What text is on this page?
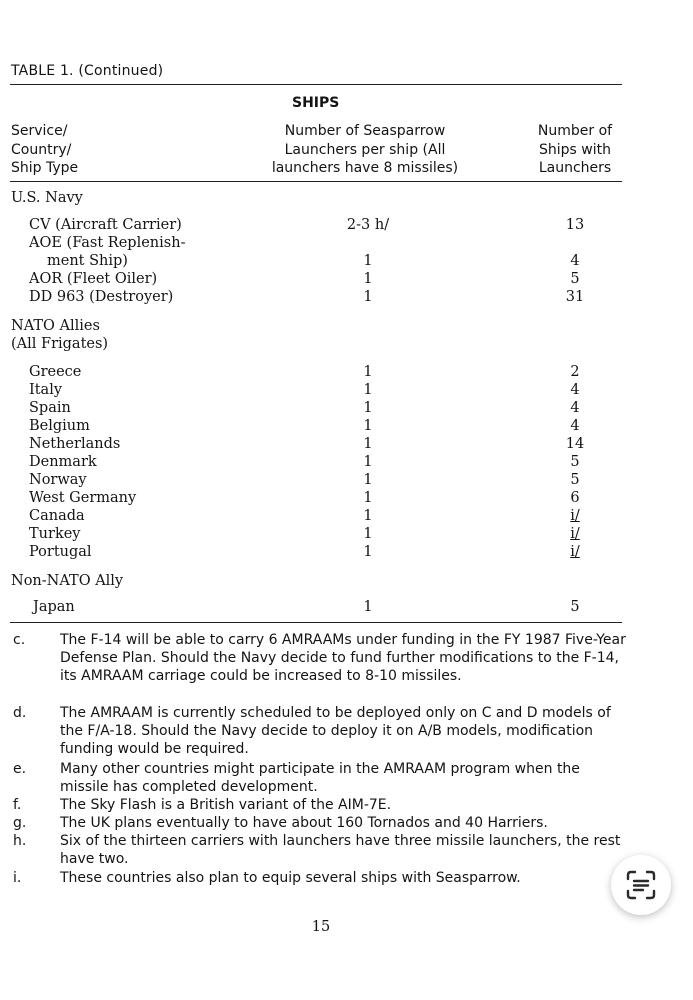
TABLE 1. (Continued)
SHIPS
Service/
Country/
Ship Type
Number of Seasparrow
Launchers per ship (All
launchers have 8 missiles)
Number of
Ships with
Launchers
U.S. Navy
NATO Allies
(All Frigates)
Non-NATO Ally
CV (Aircraft Carrier)	2-3 h/	13
AOE (Fast Replenish-
ment Ship)	1	4
AOR (Fleet Oiler)	1	5
DD 963 (Destroyer)	1	31
Greece	1	2
Italy	1	4
Spain	1	4
Belgium	1	4
Netherlands	1	14
Denmark	1	5
Norway	1	5
West Germany	1	6
Canada	1	i/
Turkey	1	i/
Portugal	1	i/
Japan	1	5
c. The F-14 will be able to carry 6 AMRAAMs under funding in the FY 1987 Five-Year Defense Plan. Should the Navy decide to fund further modifications to the F-14, its AMRAAM carriage could be increased to 8-10 missiles.
d. The AMRAAM is currently scheduled to be deployed only on C and D models of the F/A-18. Should the Navy decide to deploy it on A/B models, modification funding would be required.
e. Many other countries might participate in the AMRAAM program when the missile has completed development.
f.	The Sky Flash is a British variant of the AIM-7E.
g. The UK plans eventually to have about 160 Tornados and 40 Harriers.
h. Six of the thirteen carriers with launchers have three missile launchers, the rest have two.
i.	These countries also plan to equip several ships with Seasparrow.
15
